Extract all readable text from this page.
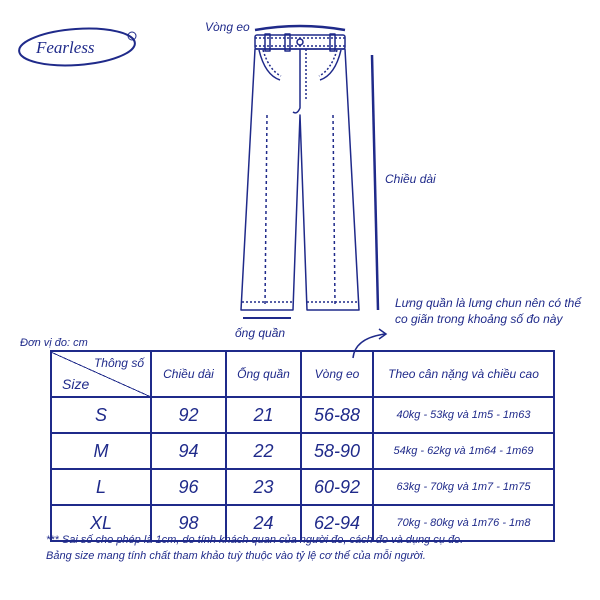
Fearless
Vòng eo
Chiều dài
ống quần
Lưng quần là lưng chun nên có thể
co giãn trong khoảng số đo này
Đơn vị đo: cm
Thông số
Size	Chiều dài	Ống quần	Vòng eo	Theo cân nặng và chiều cao
S	92	21	56-88	40kg - 53kg và 1m5 - 1m63
M	94	22	58-90	54kg - 62kg và 1m64 - 1m69
L	96	23	60-92	63kg - 70kg và 1m7 - 1m75
XL	98	24	62-94	70kg - 80kg và 1m76 - 1m8
*** Sai số cho phép là 1cm, do tính khách quan của người đo, cách đo và dụng cụ đo.
Bảng size mang tính chất tham khảo tuỳ thuộc vào tỷ lệ cơ thể của mỗi người.
